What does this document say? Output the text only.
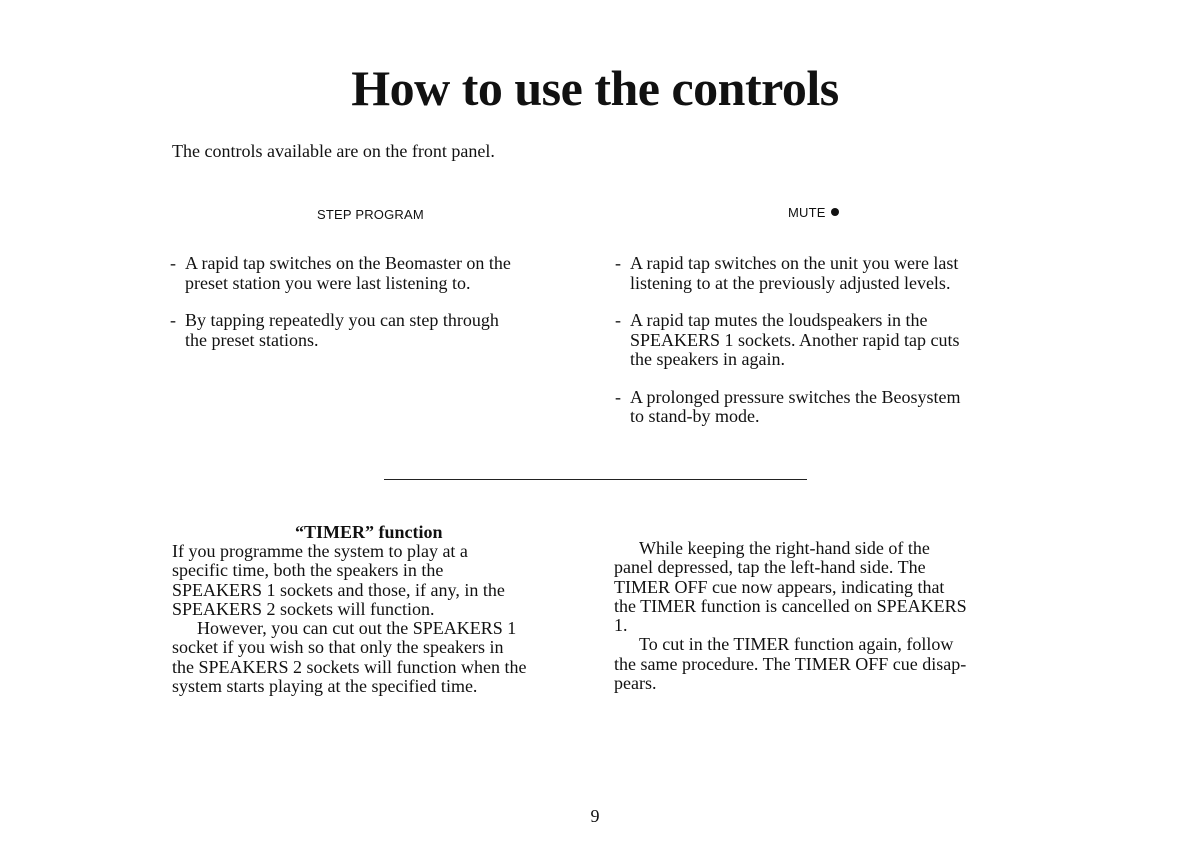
How to use the controls
The controls available are on the front panel.
STEP PROGRAM	MUTE
- A rapid tap switches on the Beomaster on the
preset station you were last listening to.
- By tapping repeatedly you can step through
the preset stations.
- A rapid tap switches on the unit you were last
listening to at the previously adjusted levels.
- A rapid tap mutes the loudspeakers in the
SPEAKERS 1 sockets. Another rapid tap cuts
the speakers in again.
- A prolonged pressure switches the Beosystem
to stand-by mode.
“TIMER” function

If you programme the system to play at a
specific time, both the speakers in the
SPEAKERS 1 sockets and those, if any, in the
SPEAKERS 2 sockets will function.

However, you can cut out the SPEAKERS 1

socket if you wish so that only the speakers in
the SPEAKERS 2 sockets will function when the
system starts playing at the specified time.

While keeping the right-hand side of the

panel depressed, tap the left-hand side. The
TIMER OFF cue now appears, indicating that
the TIMER function is cancelled on SPEAKERS
1.

To cut in the TIMER function again, follow

the same procedure. The TIMER OFF cue disap-
pears.

9
